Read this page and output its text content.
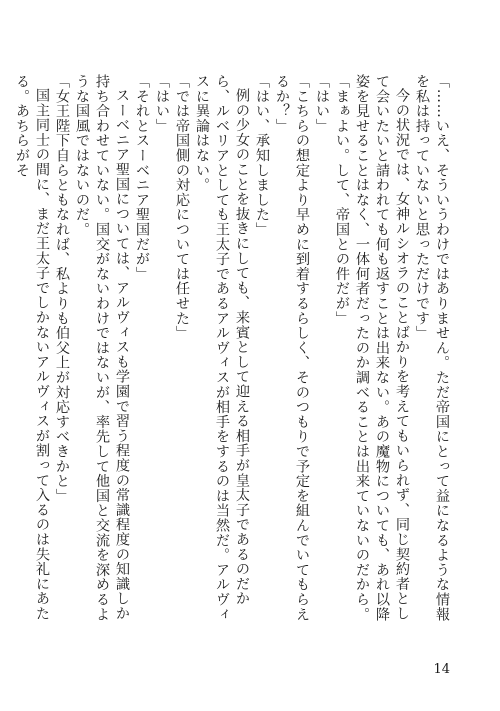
「……いえ、そういうわけではありません。ただ帝国にとって益になるような情報を私は持っていないと思っただけです」
今の状況では、女神ルシオラのことばかりを考えてもいられず、同じ契約者として会いたいと請われても何も返すことは出来ない。あの魔物についても、あれ以降姿を見せることはなく、一体何者だったのか調べることは出来ていないのだから。
「まぁよい。して、帝国との件だが」
「はい」
「こちらの想定より早めに到着するらしく、そのつもりで予定を組んでいてもらえるか？」
「はい、承知しました」
例の少女のことを抜きにしても、来賓として迎える相手が皇太子であるのだから、ルベリアとしても王太子であるアルヴィスが相手をするのは当然だ。アルヴィスに異論はない。
「では帝国側の対応については任せた」
「はい」
「それとスーベニア聖国だが」
スーベニア聖国については、アルヴィスも学園で習う程度の常識程度の知識しか持ち合わせていない。国交がないわけではないが、率先して他国と交流を深めるような国風ではないのだ。
「女王陛下自らともなれば、私よりも伯父上が対応すべきかと」
国主同士の間に、まだ王太子でしかないアルヴィスが割って入るのは失礼にあたる。あちらがそ
14
